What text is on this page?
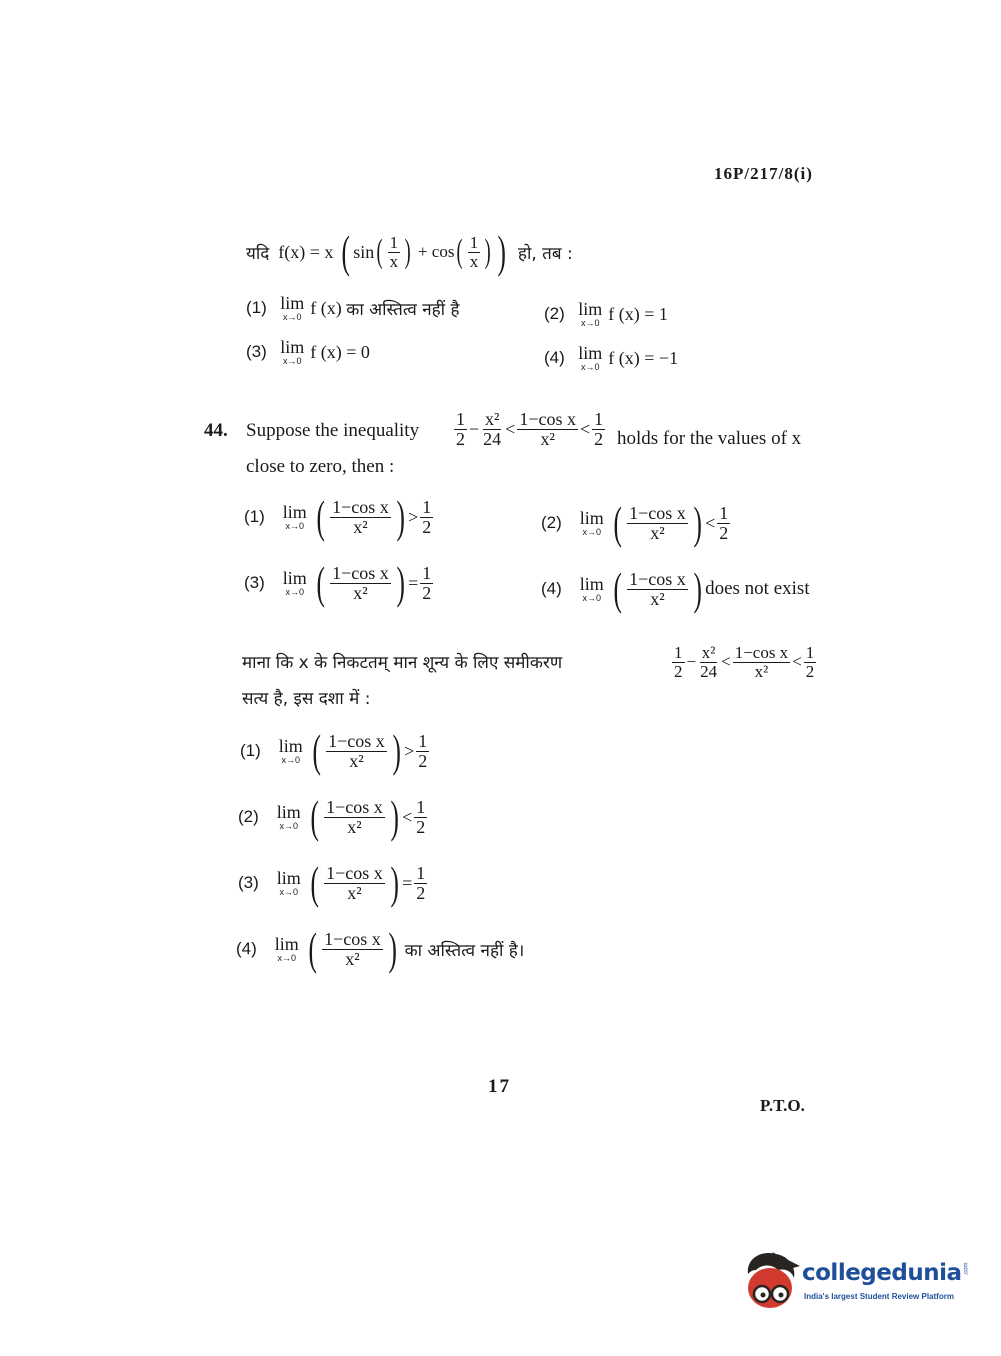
16P/217/8(i)
यदि
f(x) = x
( sin ( $\frac{1}{x}$ )
+ cos ( $\frac{1}{x}$ ) )
हो, तब :
(1)
lim
x→0 f (x)
का अस्तित्व नहीं है	(2)
lim
x→0 f (x) = 1
(3)
lim
x→0 f (x) = 0	(4)
lim
x→0 f (x) = −1
44. Suppose the inequality $\frac{1}{2} - \frac{\text{x²}}{24} < \frac{\text{1−cos x}}{\text{x²}} < \frac{1}{2}$ holds for the values of x
close to zero, then :
(1)
lim
x→0 ( $\frac{\text{1−cos x}}{\text{x²}}$ ) > $\frac{1}{2}$	(2)
lim
x→0 ( $\frac{\text{1−cos x}}{\text{x²}}$ ) < $\frac{1}{2}$
(3)
lim
x→0 ( $\frac{\text{1−cos x}}{\text{x²}}$ ) = $\frac{1}{2}$	(4)
lim
x→0 ( $\frac{\text{1−cos x}}{\text{x²}}$ ) does not exist
माना कि x के निकटतम् मान शून्य के लिए समीकरण	$\frac{1}{2} - \frac{\text{x²}}{24} < \frac{\text{1−cos x}}{\text{x²}} < \frac{1}{2}$
सत्य है, इस दशा में :
(1)
lim
x→0 ( $\frac{\text{1−cos x}}{\text{x²}}$ ) > $\frac{1}{2}$
(2)
lim
x→0 ( $\frac{\text{1−cos x}}{\text{x²}}$ ) < $\frac{1}{2}$
(3)
lim
x→0 ( $\frac{\text{1−cos x}}{\text{x²}}$ ) = $\frac{1}{2}$
(4)
lim
x→0 ( $\frac{\text{1−cos x}}{\text{x²}}$ )
का अस्तित्व नहीं है।
17
P.T.O.
collegedunia .com
India's largest Student Review Platform
